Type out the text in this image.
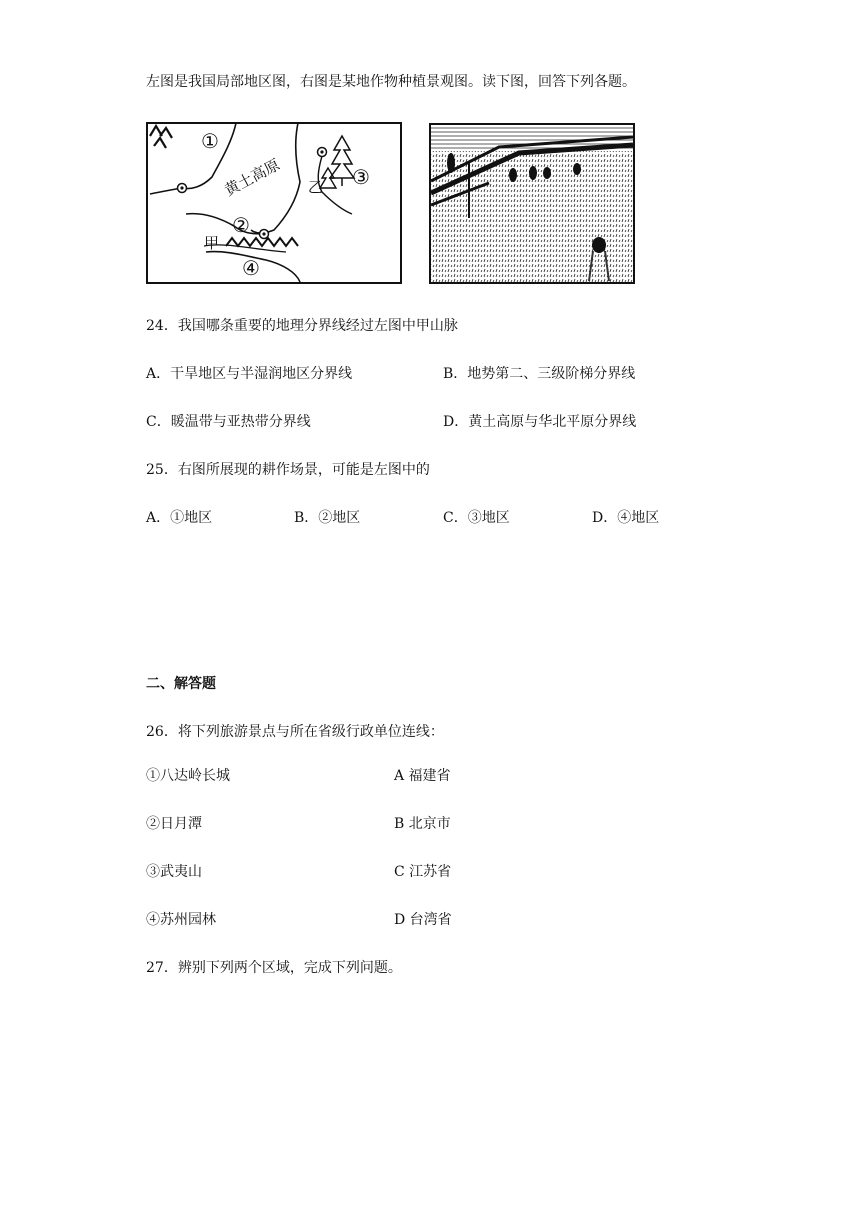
左图是我国局部地区图，右图是某地作物种植景观图。读下图，回答下列各题。
黄土高原
甲
乙
①
②
③
④
24．我国哪条重要的地理分界线经过左图中甲山脉
A．干旱地区与半湿润地区分界线	B．地势第二、三级阶梯分界线
C．暖温带与亚热带分界线	D．黄土高原与华北平原分界线
25．右图所展现的耕作场景，可能是左图中的
A．①地区	B．②地区	C．③地区	D．④地区
二、解答题
26．将下列旅游景点与所在省级行政单位连线：
①八达岭长城	A 福建省
②日月潭	B 北京市
③武夷山	C 江苏省
④苏州园林	D 台湾省
27．辨别下列两个区域，完成下列问题。
